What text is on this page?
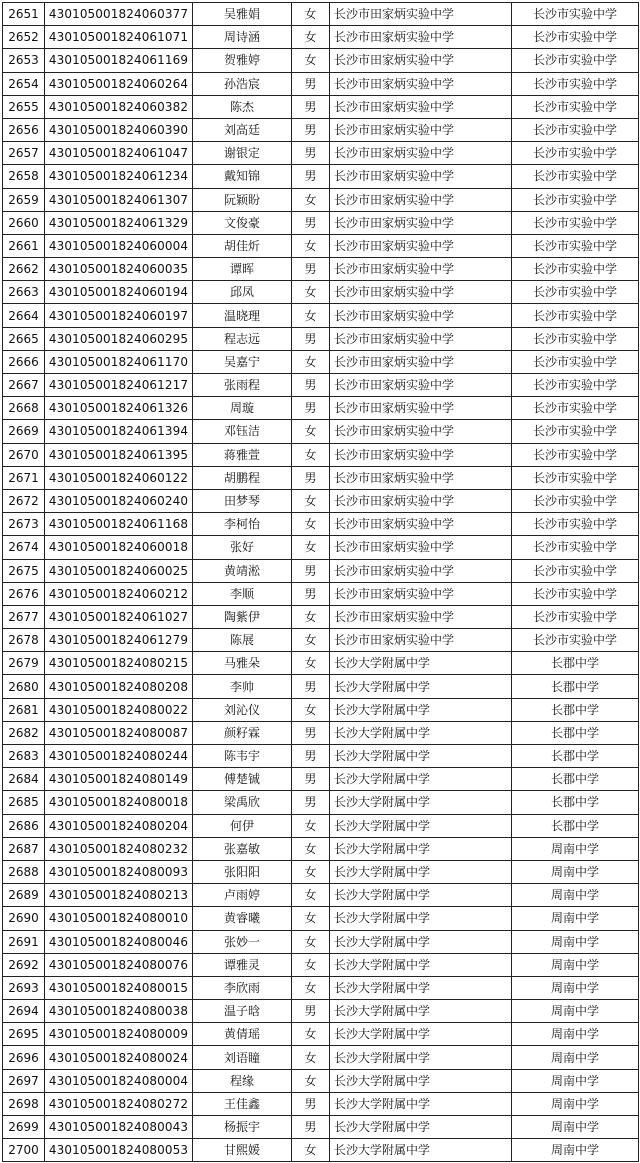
2651	430105001824060377	吴雅娟	女	长沙市田家炳实验中学	长沙市实验中学
2652	430105001824061071	周诗涵	女	长沙市田家炳实验中学	长沙市实验中学
2653	430105001824061169	贺雅婷	女	长沙市田家炳实验中学	长沙市实验中学
2654	430105001824060264	孙浩宸	男	长沙市田家炳实验中学	长沙市实验中学
2655	430105001824060382	陈杰	男	长沙市田家炳实验中学	长沙市实验中学
2656	430105001824060390	刘高廷	男	长沙市田家炳实验中学	长沙市实验中学
2657	430105001824061047	谢银定	男	长沙市田家炳实验中学	长沙市实验中学
2658	430105001824061234	戴知锦	男	长沙市田家炳实验中学	长沙市实验中学
2659	430105001824061307	阮颖盼	女	长沙市田家炳实验中学	长沙市实验中学
2660	430105001824061329	文俊豪	男	长沙市田家炳实验中学	长沙市实验中学
2661	430105001824060004	胡佳炘	女	长沙市田家炳实验中学	长沙市实验中学
2662	430105001824060035	谭晖	男	长沙市田家炳实验中学	长沙市实验中学
2663	430105001824060194	邱凤	女	长沙市田家炳实验中学	长沙市实验中学
2664	430105001824060197	温晓理	女	长沙市田家炳实验中学	长沙市实验中学
2665	430105001824060295	程志远	男	长沙市田家炳实验中学	长沙市实验中学
2666	430105001824061170	吴嘉宁	女	长沙市田家炳实验中学	长沙市实验中学
2667	430105001824061217	张雨程	男	长沙市田家炳实验中学	长沙市实验中学
2668	430105001824061326	周璇	男	长沙市田家炳实验中学	长沙市实验中学
2669	430105001824061394	邓钰洁	女	长沙市田家炳实验中学	长沙市实验中学
2670	430105001824061395	蒋雅萱	女	长沙市田家炳实验中学	长沙市实验中学
2671	430105001824060122	胡鹏程	男	长沙市田家炳实验中学	长沙市实验中学
2672	430105001824060240	田梦琴	女	长沙市田家炳实验中学	长沙市实验中学
2673	430105001824061168	李柯怡	女	长沙市田家炳实验中学	长沙市实验中学
2674	430105001824060018	张好	女	长沙市田家炳实验中学	长沙市实验中学
2675	430105001824060025	黄靖淞	男	长沙市田家炳实验中学	长沙市实验中学
2676	430105001824060212	李顺	男	长沙市田家炳实验中学	长沙市实验中学
2677	430105001824061027	陶紫伊	女	长沙市田家炳实验中学	长沙市实验中学
2678	430105001824061279	陈展	女	长沙市田家炳实验中学	长沙市实验中学
2679	430105001824080215	马雅朵	女	长沙大学附属中学	长郡中学
2680	430105001824080208	李帅	男	长沙大学附属中学	长郡中学
2681	430105001824080022	刘沁仪	女	长沙大学附属中学	长郡中学
2682	430105001824080087	颜籽霖	男	长沙大学附属中学	长郡中学
2683	430105001824080244	陈韦宇	男	长沙大学附属中学	长郡中学
2684	430105001824080149	傅楚铖	男	长沙大学附属中学	长郡中学
2685	430105001824080018	梁禹欣	男	长沙大学附属中学	长郡中学
2686	430105001824080204	何伊	女	长沙大学附属中学	长郡中学
2687	430105001824080232	张嘉敏	女	长沙大学附属中学	周南中学
2688	430105001824080093	张阳阳	女	长沙大学附属中学	周南中学
2689	430105001824080213	卢雨婷	女	长沙大学附属中学	周南中学
2690	430105001824080010	黄睿曦	女	长沙大学附属中学	周南中学
2691	430105001824080046	张妙一	女	长沙大学附属中学	周南中学
2692	430105001824080076	谭雅灵	女	长沙大学附属中学	周南中学
2693	430105001824080015	李欣雨	女	长沙大学附属中学	周南中学
2694	430105001824080038	温子晗	男	长沙大学附属中学	周南中学
2695	430105001824080009	黄倩瑶	女	长沙大学附属中学	周南中学
2696	430105001824080024	刘语瞳	女	长沙大学附属中学	周南中学
2697	430105001824080004	程缘	女	长沙大学附属中学	周南中学
2698	430105001824080272	王佳鑫	男	长沙大学附属中学	周南中学
2699	430105001824080043	杨振宇	男	长沙大学附属中学	周南中学
2700	430105001824080053	甘熙媛	女	长沙大学附属中学	周南中学
